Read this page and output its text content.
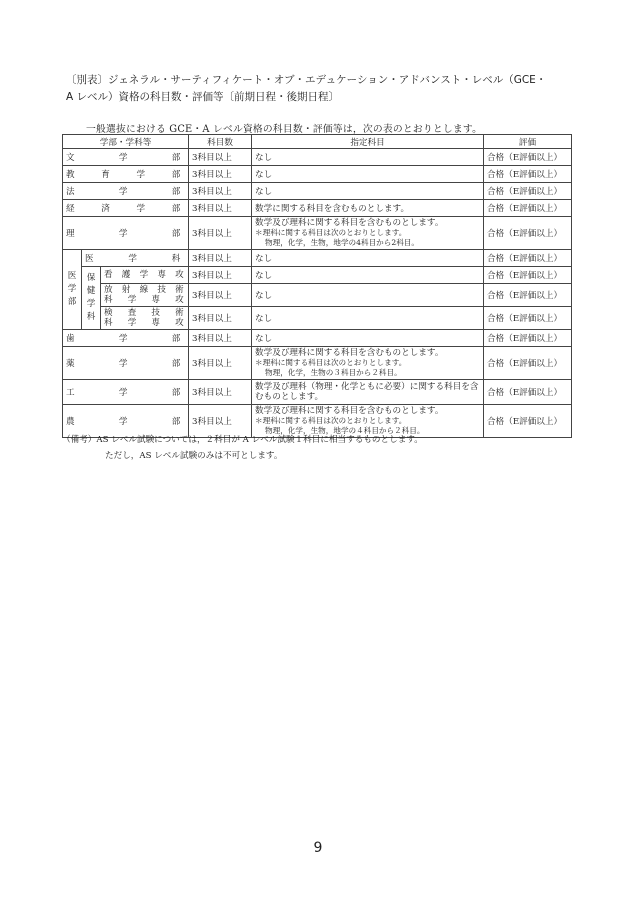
〔別表〕ジェネラル・サーティフィケート・オブ・エデュケーション・アドバンスト・レベル（GCE・
A レベル）資格の科目数・評価等〔前期日程・後期日程〕
一般選抜における GCE・A レベル資格の科目数・評価等は，次の表のとおりとします。
学部・学科等			科目数	指定科目	評価
文学部			3科目以上	なし	合格（E評価以上）
教育学部			3科目以上	なし	合格（E評価以上）
法学部			3科目以上	なし	合格（E評価以上）
経済学部			3科目以上	数学に関する科目を含むものとします。	合格（E評価以上）
理学部			3科目以上	数学及び理科に関する科目を含むものとします。
＊理科に関する科目は次のとおりとします。
物理，化学，生物，地学の4科目から2科目。	合格（E評価以上）

医
学
部	医学科		3科目以上	なし	合格（E評価以上）

	保
健
学
科	看護学専攻	3科目以上	なし	合格（E評価以上）

		放射線技術
科学専攻	3科目以上	なし	合格（E評価以上）

		検査技術
科学専攻	3科目以上	なし	合格（E評価以上）
歯学部			3科目以上	なし	合格（E評価以上）
薬学部			3科目以上	数学及び理科に関する科目を含むものとします。
＊理科に関する科目は次のとおりとします。
物理，化学，生物の３科目から２科目。	合格（E評価以上）
工学部			3科目以上	数学及び理科（物理・化学ともに必要）に関する科目を含むものとします。	合格（E評価以上）
農学部			3科目以上	数学及び理科に関する科目を含むものとします。
＊理科に関する科目は次のとおりとします。
物理，化学，生物，地学の４科目から２科目。	合格（E評価以上）
（備考）AS レベル試験については，２科目が A レベル試験１科目に相当するものとします。
ただし，AS レベル試験のみは不可とします。
9
